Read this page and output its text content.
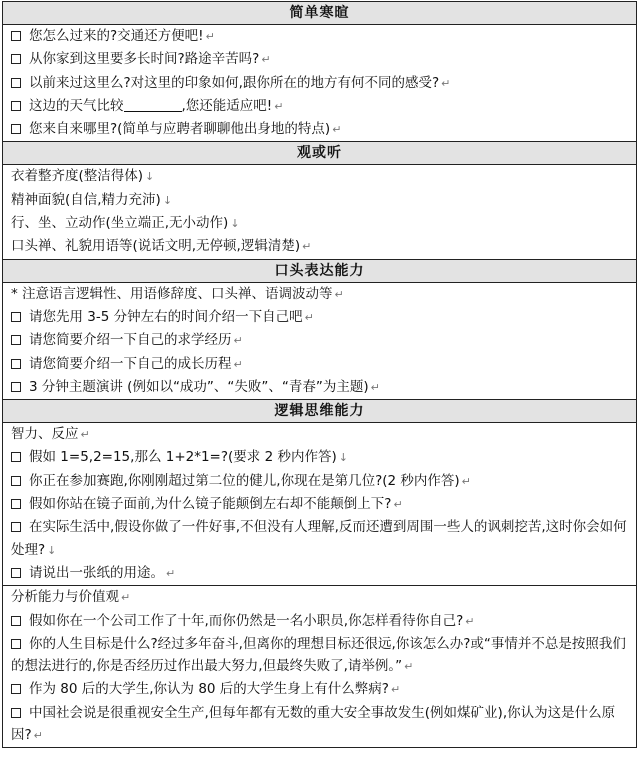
简单寒暄
您怎么过来的?交通还方便吧! ↵
从你家到这里要多长时间?路途辛苦吗? ↵
以前来过这里么?对这里的印象如何,跟你所在的地方有何不同的感受? ↵
这边的天气比较	,您还能适应吧! ↵
您来自来哪里?(简单与应聘者聊聊他出身地的特点) ↵
观或听
衣着整齐度(整洁得体) ↓
精神面貌(自信,精力充沛) ↓
行、坐、立动作(坐立端正,无小动作) ↓
口头禅、礼貌用语等(说话文明,无停顿,逻辑清楚) ↵
口头表达能力
* 注意语言逻辑性、用语修辞度、口头禅、语调波动等 ↵
请您先用 3-5 分钟左右的时间介绍一下自己吧 ↵
请您简要介绍一下自己的求学经历 ↵
请您简要介绍一下自己的成长历程 ↵
3 分钟主题演讲 (例如以“成功”、“失败”、“青春”为主题) ↵
逻辑思维能力
智力、反应 ↵
假如 1=5,2=15,那么 1+2*1=?(要求 2 秒内作答) ↓
你正在参加赛跑,你刚刚超过第二位的健儿,你现在是第几位?(2 秒内作答) ↵
假如你站在镜子面前,为什么镜子能颠倒左右却不能颠倒上下? ↵
在实际生活中,假设你做了一件好事,不但没有人理解,反而还遭到周围一些人的讽刺挖苦,这时你会如何处理? ↓
请说出一张纸的用途。 ↵
分析能力与价值观 ↵
假如你在一个公司工作了十年,而你仍然是一名小职员,你怎样看待你自己? ↵
你的人生目标是什么?经过多年奋斗,但离你的理想目标还很远,你该怎么办?或“事情并不总是按照我们的想法进行的,你是否经历过作出最大努力,但最终失败了,请举例。” ↵
作为 80 后的大学生,你认为 80 后的大学生身上有什么弊病? ↵
中国社会说是很重视安全生产,但每年都有无数的重大安全事故发生(例如煤矿业),你认为这是什么原因? ↵
